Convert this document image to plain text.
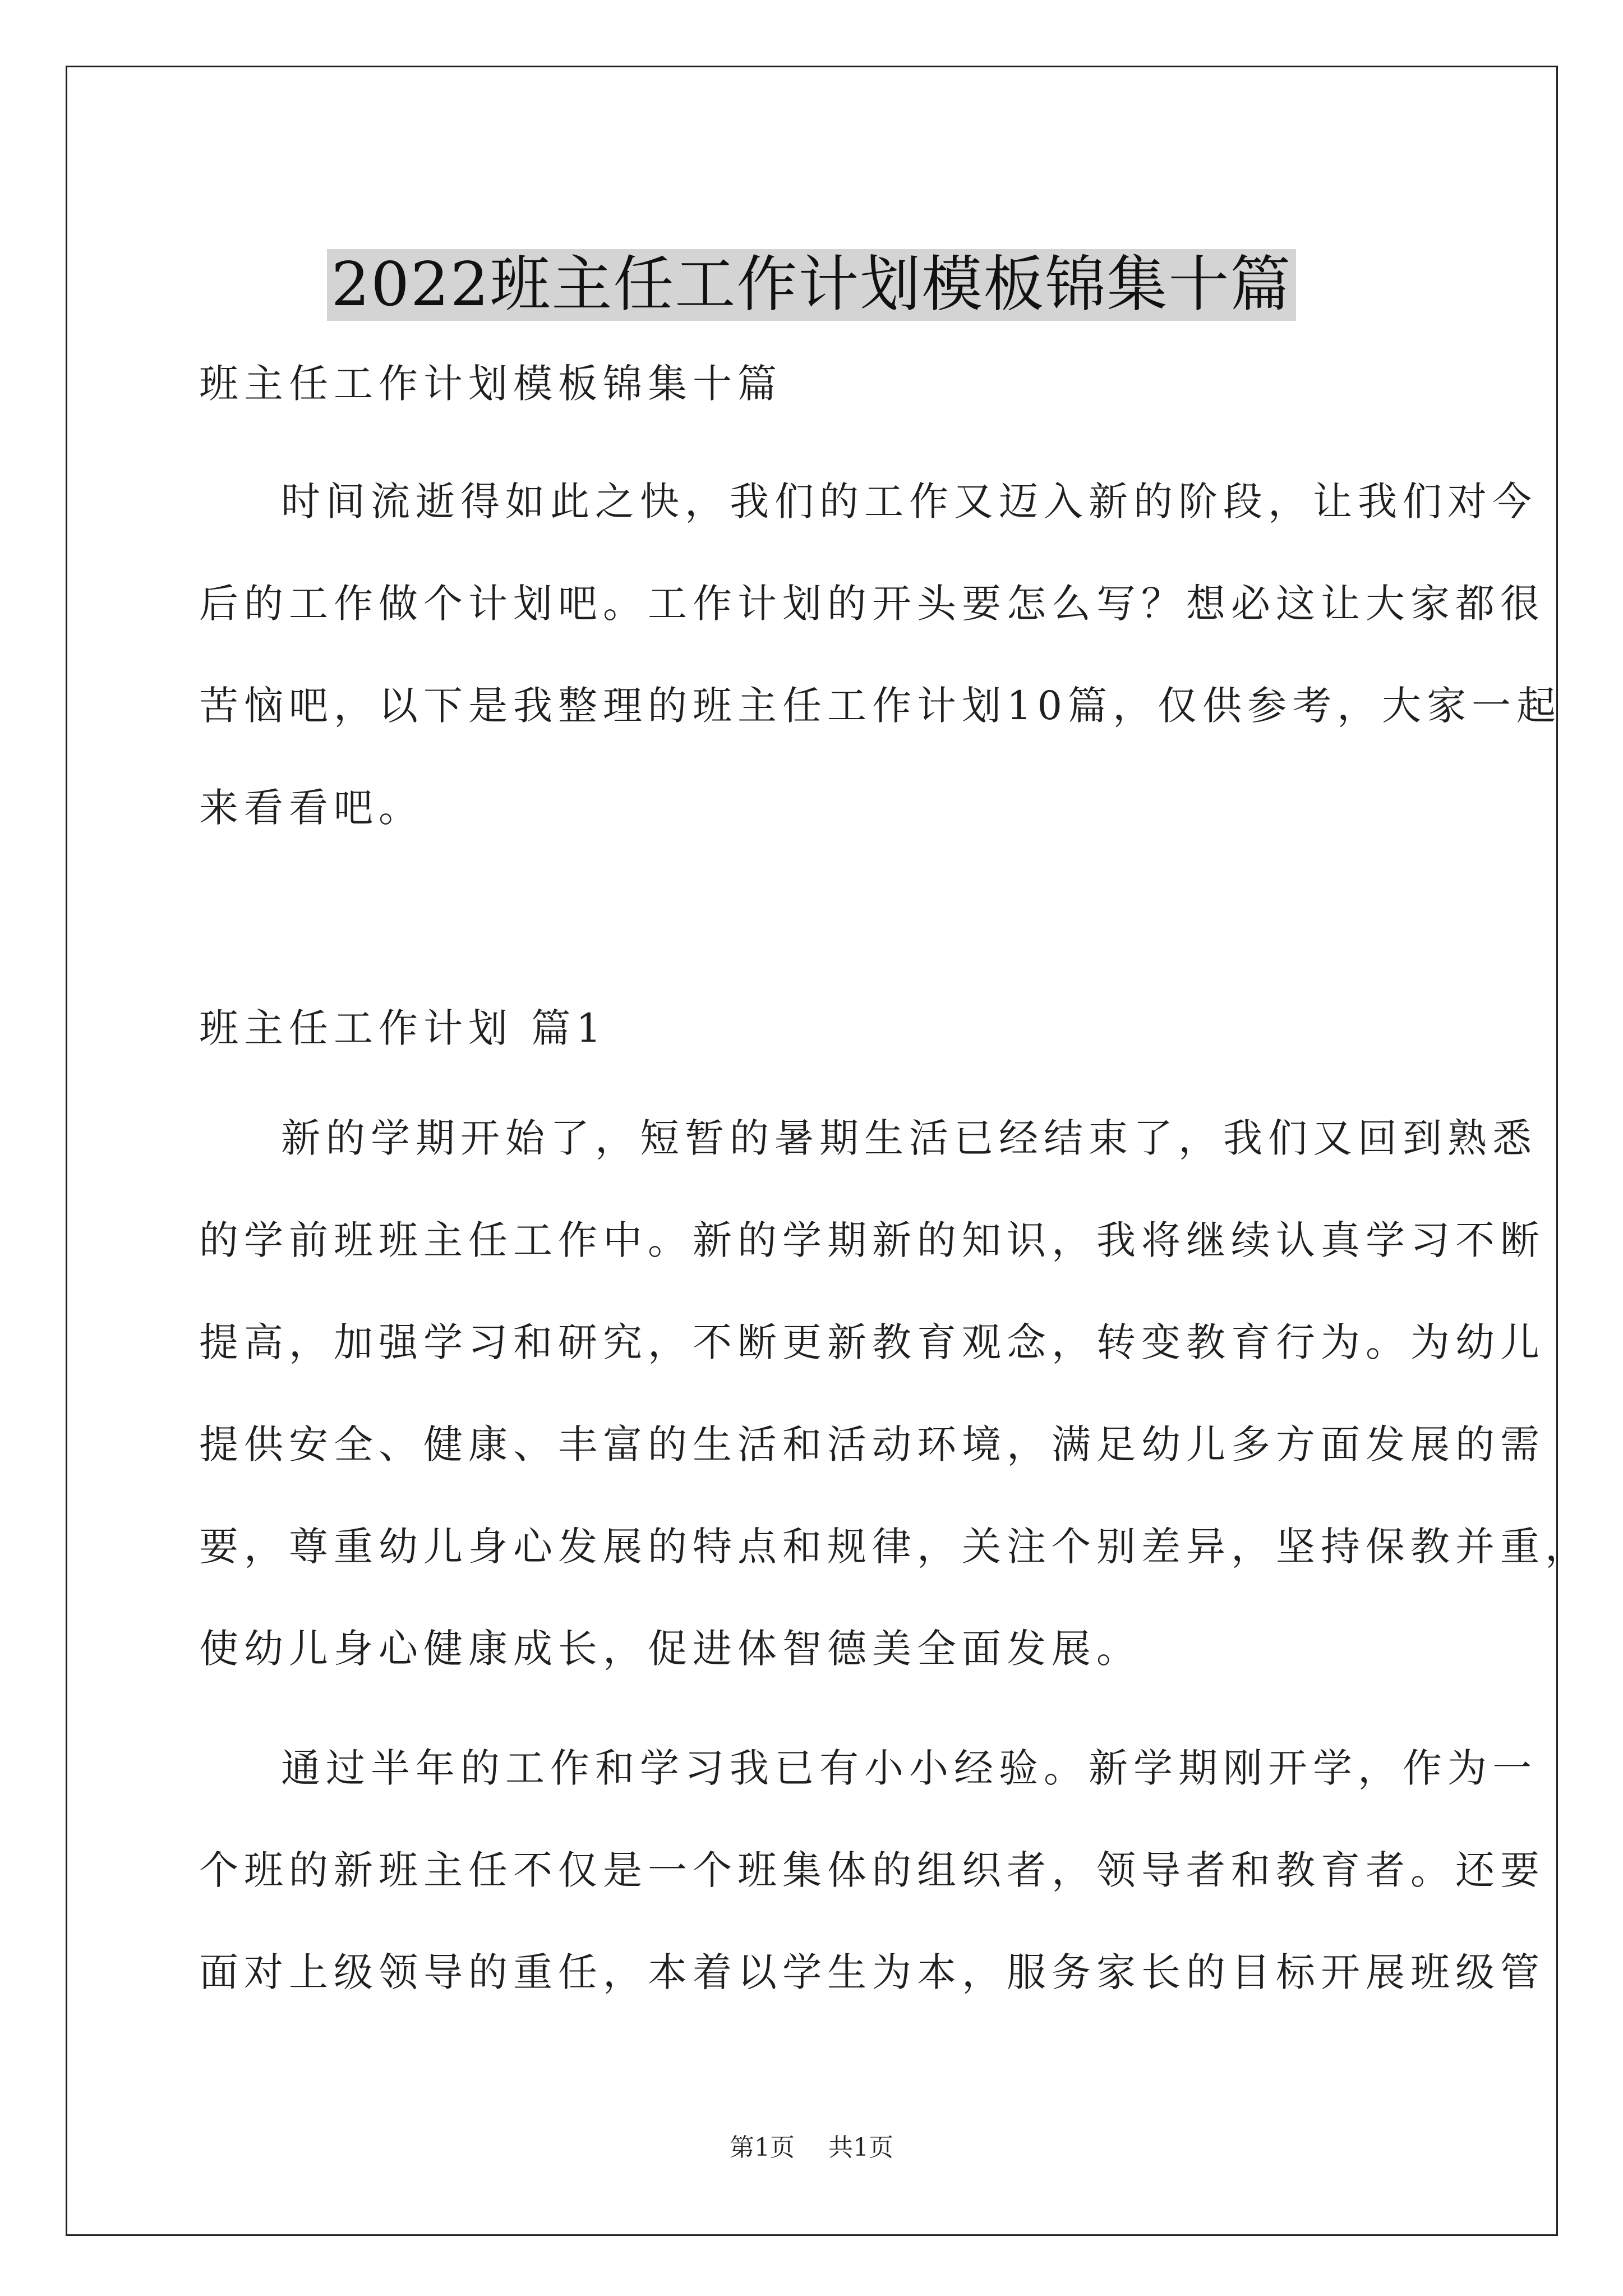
2022班主任工作计划模板锦集十篇
班主任工作计划模板锦集十篇
时间流逝得如此之快，我们的工作又迈入新的阶段，让我们对今
后的工作做个计划吧。工作计划的开头要怎么写？想必这让大家都很
苦恼吧，以下是我整理的班主任工作计划10篇，仅供参考，大家一起
来看看吧。
班主任工作计划 篇1
新的学期开始了，短暂的暑期生活已经结束了，我们又回到熟悉
的学前班班主任工作中。新的学期新的知识，我将继续认真学习不断
提高，加强学习和研究，不断更新教育观念，转变教育行为。为幼儿
提供安全、健康、丰富的生活和活动环境，满足幼儿多方面发展的需
要，尊重幼儿身心发展的特点和规律，关注个别差异，坚持保教并重，
使幼儿身心健康成长，促进体智德美全面发展。
通过半年的工作和学习我已有小小经验。新学期刚开学，作为一
个班的新班主任不仅是一个班集体的组织者，领导者和教育者。还要
面对上级领导的重任，本着以学生为本，服务家长的目标开展班级管
第1页 共1页
